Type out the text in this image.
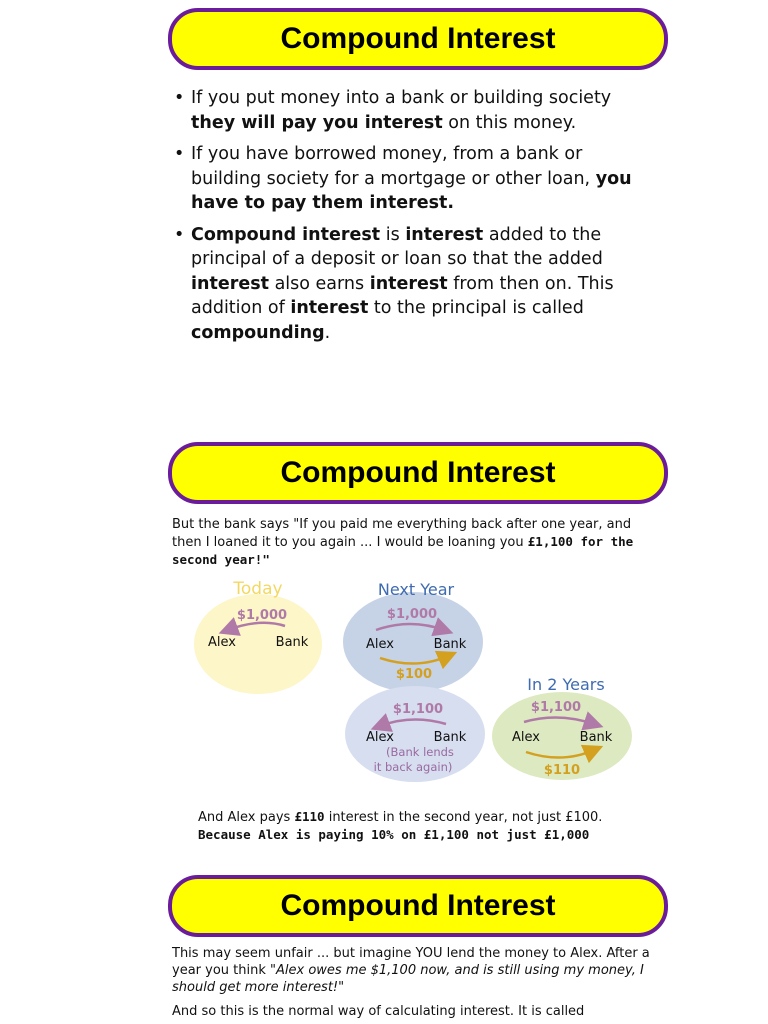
Compound Interest
• If you put money into a bank or building society they will pay you interest on this money.
• If you have borrowed money, from a bank or building society for a mortgage or other loan, you have to pay them interest.
• Compound interest is interest added to the principal of a deposit or loan so that the added interest also earns interest from then on. This addition of interest to the principal is called compounding.
Compound Interest
But the bank says "If you paid me everything back after one year, and then I loaned it to you again ... I would be loaning you £1,100 for the second year!"
Today
$1,000
Alex	Bank
Next Year
$1,000
Alex	Bank
$100
$1,100
Alex	Bank
(Bank lends
it back again)
In 2 Years
$1,100
Alex	Bank
$110
And Alex pays £110 interest in the second year, not just £100.
Because Alex is paying 10% on £1,100 not just £1,000
Compound Interest
This may seem unfair ... but imagine YOU lend the money to Alex. After a year you think "Alex owes me $1,100 now, and is still using my money, I should get more interest!"
And so this is the normal way of calculating interest. It is called
